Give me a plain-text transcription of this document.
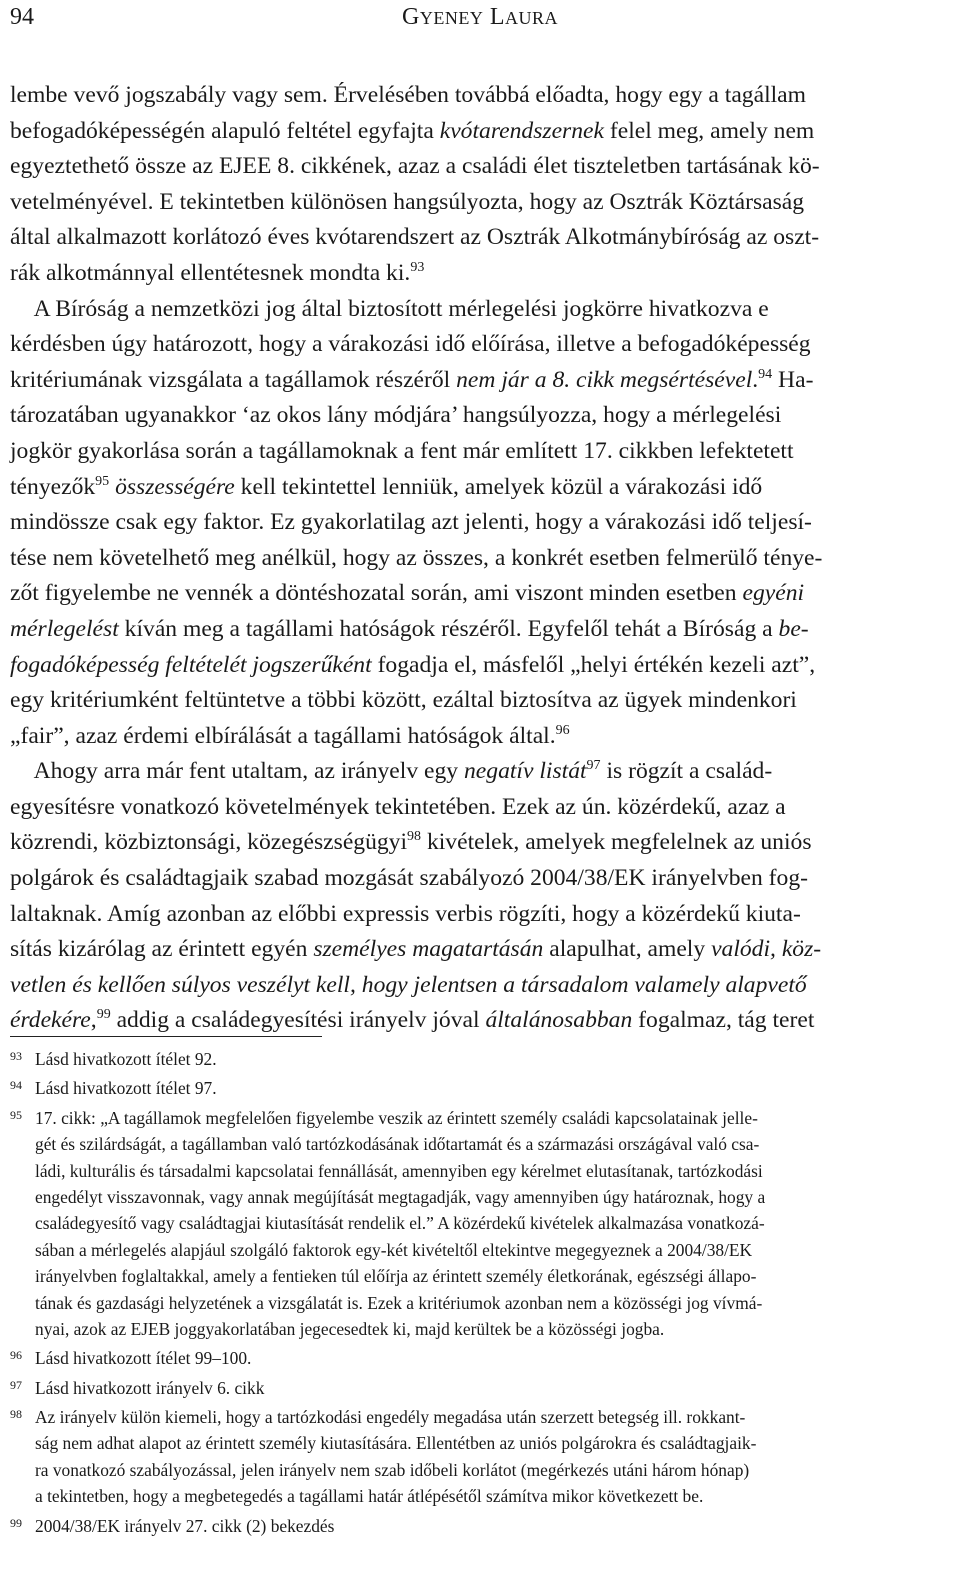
94	GYENEY LAURA
lembe vevő jogszabály vagy sem. Érvelésében továbbá előadta, hogy egy a tagállam
befogadóképességén alapuló feltétel egyfajta kvótarendszernek felel meg, amely nem
egyeztethető össze az EJEE 8. cikkének, azaz a családi élet tiszteletben tartásának kö-
vetelményével. E tekintetben különösen hangsúlyozta, hogy az Osztrák Köztársaság
által alkalmazott korlátozó éves kvótarendszert az Osztrák Alkotmánybíróság az oszt-
rák alkotmánnyal ellentétesnek mondta ki.$^{93}$
A Bíróság a nemzetközi jog által biztosított mérlegelési jogkörre hivatkozva e
kérdésben úgy határozott, hogy a várakozási idő előírása, illetve a befogadóképesség
kritériumának vizsgálata a tagállamok részéről nem jár a 8. cikk megsértésével.$^{94}$ Ha-
tározatában ugyanakkor ‘az okos lány módjára’ hangsúlyozza, hogy a mérlegelési
jogkör gyakorlása során a tagállamoknak a fent már említett 17. cikkben lefektetett
tényezők$^{95}$ összességére kell tekintettel lenniük, amelyek közül a várakozási idő
mindössze csak egy faktor. Ez gyakorlatilag azt jelenti, hogy a várakozási idő teljesí-
tése nem követelhető meg anélkül, hogy az összes, a konkrét esetben felmerülő ténye-
zőt figyelembe ne vennék a döntéshozatal során, ami viszont minden esetben egyéni
mérlegelést kíván meg a tagállami hatóságok részéről. Egyfelől tehát a Bíróság a be-
fogadóképesség feltételét jogszerűként fogadja el, másfelől „helyi értékén kezeli azt”,
egy kritériumként feltüntetve a többi között, ezáltal biztosítva az ügyek mindenkori
„fair”, azaz érdemi elbírálását a tagállami hatóságok által.$^{96}$
Ahogy arra már fent utaltam, az irányelv egy negatív listát$^{97}$ is rögzít a család-
egyesítésre vonatkozó követelmények tekintetében. Ezek az ún. közérdekű, azaz a
közrendi, közbiztonsági, közegészségügyi$^{98}$ kivételek, amelyek megfelelnek az uniós
polgárok és családtagjaik szabad mozgását szabályozó 2004/38/EK irányelvben fog-
laltaknak. Amíg azonban az előbbi expressis verbis rögzíti, hogy a közérdekű kiuta-
sítás kizárólag az érintett egyén személyes magatartásán alapulhat, amely valódi, köz-
vetlen és kellően súlyos veszélyt kell, hogy jelentsen a társadalom valamely alapvető
érdekére,$^{99}$ addig a családegyesítési irányelv jóval általánosabban fogalmaz, tág teret
93 Lásd hivatkozott ítélet 92.
94 Lásd hivatkozott ítélet 97.
95 17. cikk: „A tagállamok megfelelően figyelembe veszik az érintett személy családi kapcsolatainak jelle-
gét és szilárdságát, a tagállamban való tartózkodásának időtartamát és a származási országával való csa-
ládi, kulturális és társadalmi kapcsolatai fennállását, amennyiben egy kérelmet elutasítanak, tartózkodási
engedélyt visszavonnak, vagy annak megújítását megtagadják, vagy amennyiben úgy határoznak, hogy a
családegyesítő vagy családtagjai kiutasítását rendelik el.” A közérdekű kivételek alkalmazása vonatkozá-
sában a mérlegelés alapjául szolgáló faktorok egy-két kivételtől eltekintve megegyeznek a 2004/38/EK
irányelvben foglaltakkal, amely a fentieken túl előírja az érintett személy életkorának, egészségi állapo-
tának és gazdasági helyzetének a vizsgálatát is. Ezek a kritériumok azonban nem a közösségi jog vívmá-
nyai, azok az EJEB joggyakorlatában jegecesedtek ki, majd kerültek be a közösségi jogba.
96 Lásd hivatkozott ítélet 99–100.
97 Lásd hivatkozott irányelv 6. cikk
98 Az irányelv külön kiemeli, hogy a tartózkodási engedély megadása után szerzett betegség ill. rokkant-
ság nem adhat alapot az érintett személy kiutasítására. Ellentétben az uniós polgárokra és családtagjaik-
ra vonatkozó szabályozással, jelen irányelv nem szab időbeli korlátot (megérkezés utáni három hónap)
a tekintetben, hogy a megbetegedés a tagállami határ átlépésétől számítva mikor következett be.
99 2004/38/EK irányelv 27. cikk (2) bekezdés
